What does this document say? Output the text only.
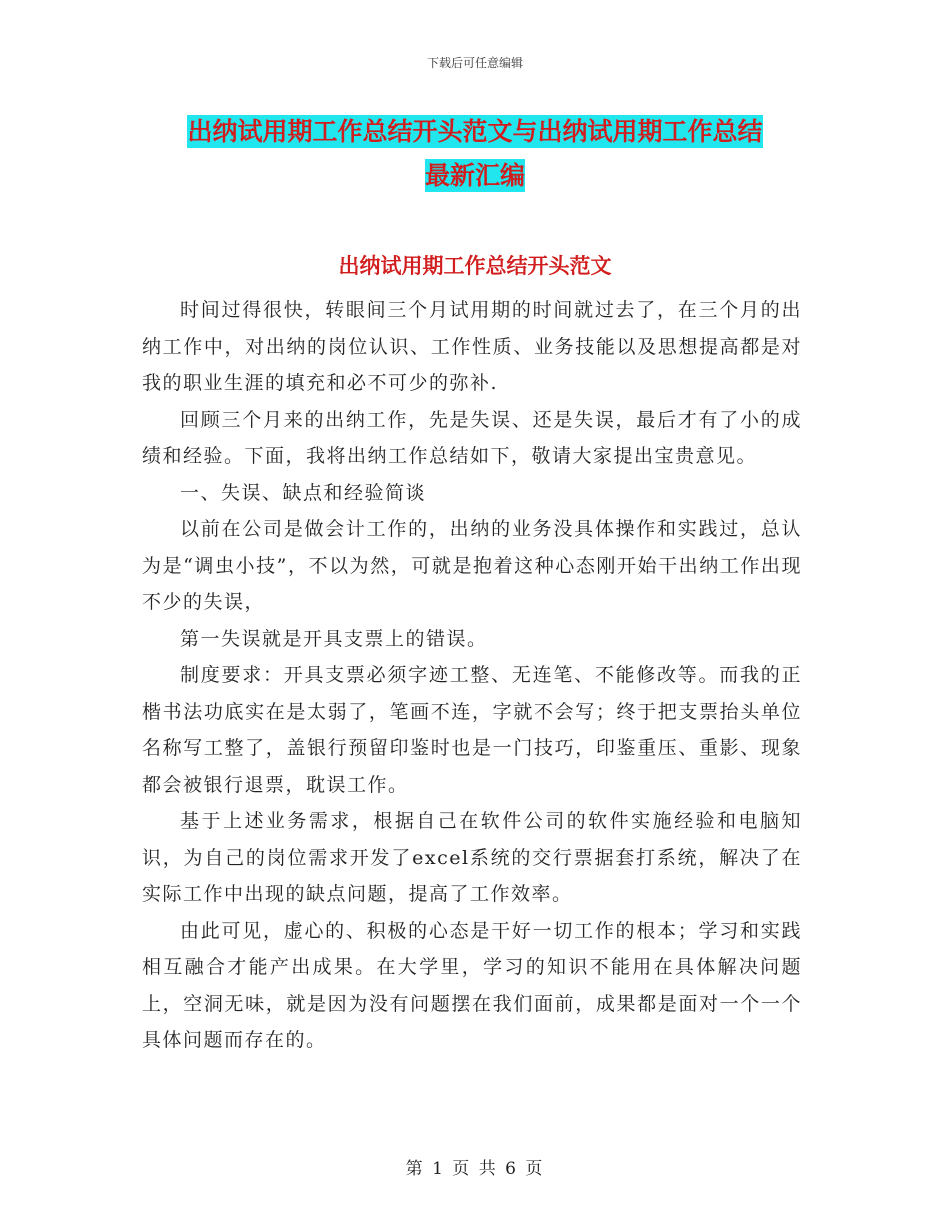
下载后可任意编辑
出纳试用期工作总结开头范文与出纳试用期工作总结
最新汇编
出纳试用期工作总结开头范文

时间过得很快，转眼间三个月试用期的时间就过去了，在三个月的出纳工作中，对出纳的岗位认识、工作性质、业务技能以及思想提高都是对我的职业生涯的填充和必不可少的弥补.

回顾三个月来的出纳工作，先是失误、还是失误，最后才有了小的成绩和经验。下面，我将出纳工作总结如下，敬请大家提出宝贵意见。

一、失误、缺点和经验简谈

以前在公司是做会计工作的，出纳的业务没具体操作和实践过，总认为是“调虫小技”，不以为然，可就是抱着这种心态刚开始干出纳工作出现不少的失误，

第一失误就是开具支票上的错误。

制度要求：开具支票必须字迹工整、无连笔、不能修改等。而我的正楷书法功底实在是太弱了，笔画不连，字就不会写；终于把支票抬头单位名称写工整了，盖银行预留印鉴时也是一门技巧，印鉴重压、重影、现象都会被银行退票，耽误工作。

基于上述业务需求，根据自己在软件公司的软件实施经验和电脑知识，为自己的岗位需求开发了excel系统的交行票据套打系统，解决了在实际工作中出现的缺点问题，提高了工作效率。

由此可见，虚心的、积极的心态是干好一切工作的根本；学习和实践相互融合才能产出成果。在大学里，学习的知识不能用在具体解决问题上，空洞无味，就是因为没有问题摆在我们面前，成果都是面对一个一个具体问题而存在的。

第 1 页 共 6 页
